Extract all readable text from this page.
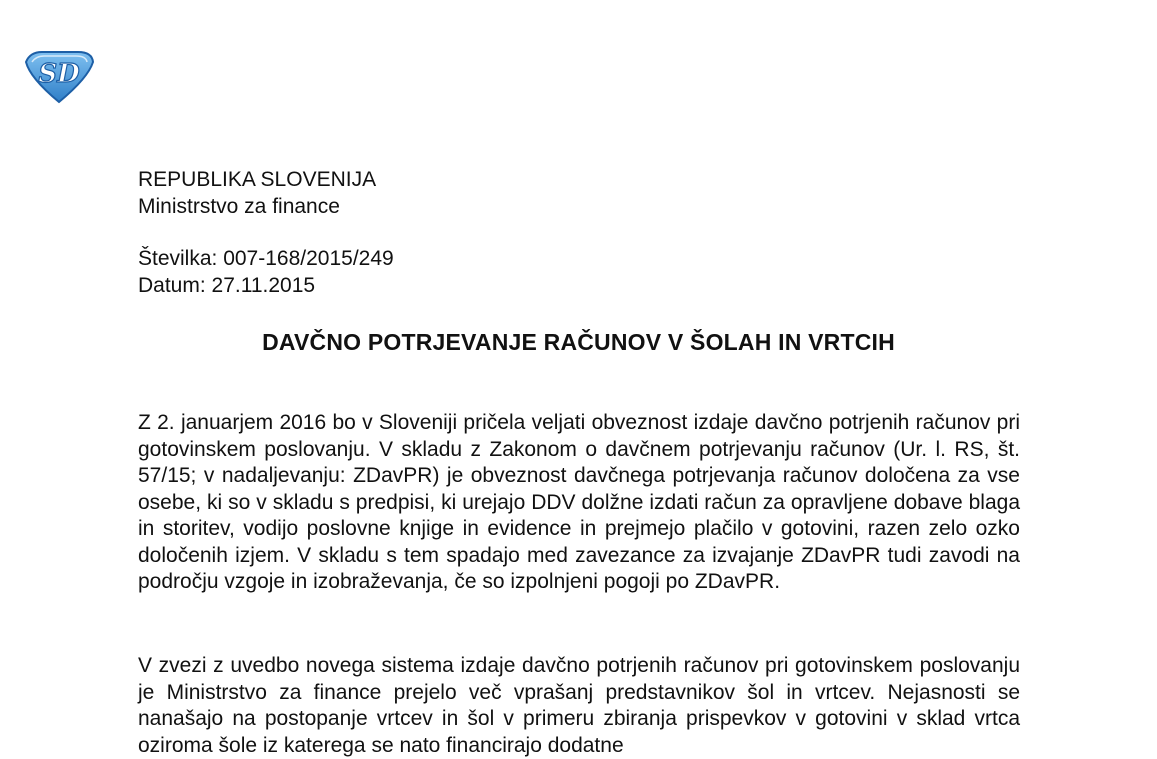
SD
REPUBLIKA SLOVENIJA
Ministrstvo za finance
Številka: 007-168/2015/249
Datum: 27.11.2015
DAVČNO POTRJEVANJE RAČUNOV V ŠOLAH IN VRTCIH

Z 2. januarjem 2016 bo v Sloveniji pričela veljati obveznost izdaje davčno potrjenih računov pri gotovinskem poslovanju. V skladu z Zakonom o davčnem potrjevanju računov (Ur. l. RS, št. 57/15; v nadaljevanju: ZDavPR) je obveznost davčnega potrjevanja računov določena za vse osebe, ki so v skladu s predpisi, ki urejajo DDV dolžne izdati račun za opravljene dobave blaga in storitev, vodijo poslovne knjige in evidence in prejmejo plačilo v gotovini, razen zelo ozko določenih izjem. V skladu s tem spadajo med zavezance za izvajanje ZDavPR tudi zavodi na področju vzgoje in izobraževanja, če so izpolnjeni pogoji po ZDavPR.

V zvezi z uvedbo novega sistema izdaje davčno potrjenih računov pri gotovinskem poslovanju je Ministrstvo za finance prejelo več vprašanj predstavnikov šol in vrtcev. Nejasnosti se nanašajo na postopanje vrtcev in šol v primeru zbiranja prispevkov v gotovini v sklad vrtca oziroma šole iz katerega se nato financirajo dodatne
